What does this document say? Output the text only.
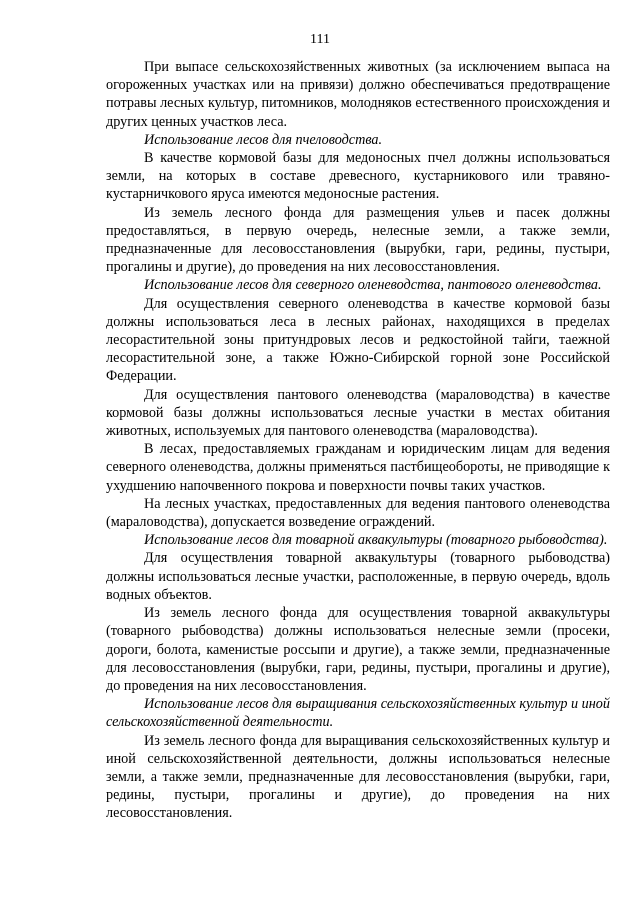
111

При выпасе сельскохозяйственных животных (за исключением выпаса на огороженных участках или на привязи) должно обеспечиваться предотвращение потравы лесных культур, питомников, молодняков естественного происхождения и других ценных участков леса.

Использование лесов для пчеловодства.

В качестве кормовой базы для медоносных пчел должны использоваться земли, на которых в составе древесного, кустарникового или травяно-кустарничкового яруса имеются медоносные растения.

Из земель лесного фонда для размещения ульев и пасек должны предоставляться, в первую очередь, нелесные земли, а также земли, предназначенные для лесовосстановления (вырубки, гари, редины, пустыри, прогалины и другие), до проведения на них лесовосстановления.

Использование лесов для северного оленеводства, пантового оленеводства.

Для осуществления северного оленеводства в качестве кормовой базы должны использоваться леса в лесных районах, находящихся в пределах лесорастительной зоны притундровых лесов и редкостойной тайги, таежной лесорастительной зоне, а также Южно-Сибирской горной зоне Российской Федерации.

Для осуществления пантового оленеводства (мараловодства) в качестве кормовой базы должны использоваться лесные участки в местах обитания животных, используемых для пантового оленеводства (мараловодства).

В лесах, предоставляемых гражданам и юридическим лицам для ведения северного оленеводства, должны применяться пастбищеобороты, не приводящие к ухудшению напочвенного покрова и поверхности почвы таких участков.

На лесных участках, предоставленных для ведения пантового оленеводства (мараловодства), допускается возведение ограждений.

Использование лесов для товарной аквакультуры (товарного рыбоводства).

Для осуществления товарной аквакультуры (товарного рыбоводства) должны использоваться лесные участки, расположенные, в первую очередь, вдоль водных объектов.

Из земель лесного фонда для осуществления товарной аквакультуры (товарного рыбоводства) должны использоваться нелесные земли (просеки, дороги, болота, каменистые россыпи и другие), а также земли, предназначенные для лесовосстановления (вырубки, гари, редины, пустыри, прогалины и другие), до проведения на них лесовосстановления.

Использование лесов для выращивания сельскохозяйственных культур и иной сельскохозяйственной деятельности.

Из земель лесного фонда для выращивания сельскохозяйственных культур и иной сельскохозяйственной деятельности, должны использоваться нелесные земли, а также земли, предназначенные для лесовосстановления (вырубки, гари, редины, пустыри, прогалины и другие), до проведения на них лесовосстановления.
